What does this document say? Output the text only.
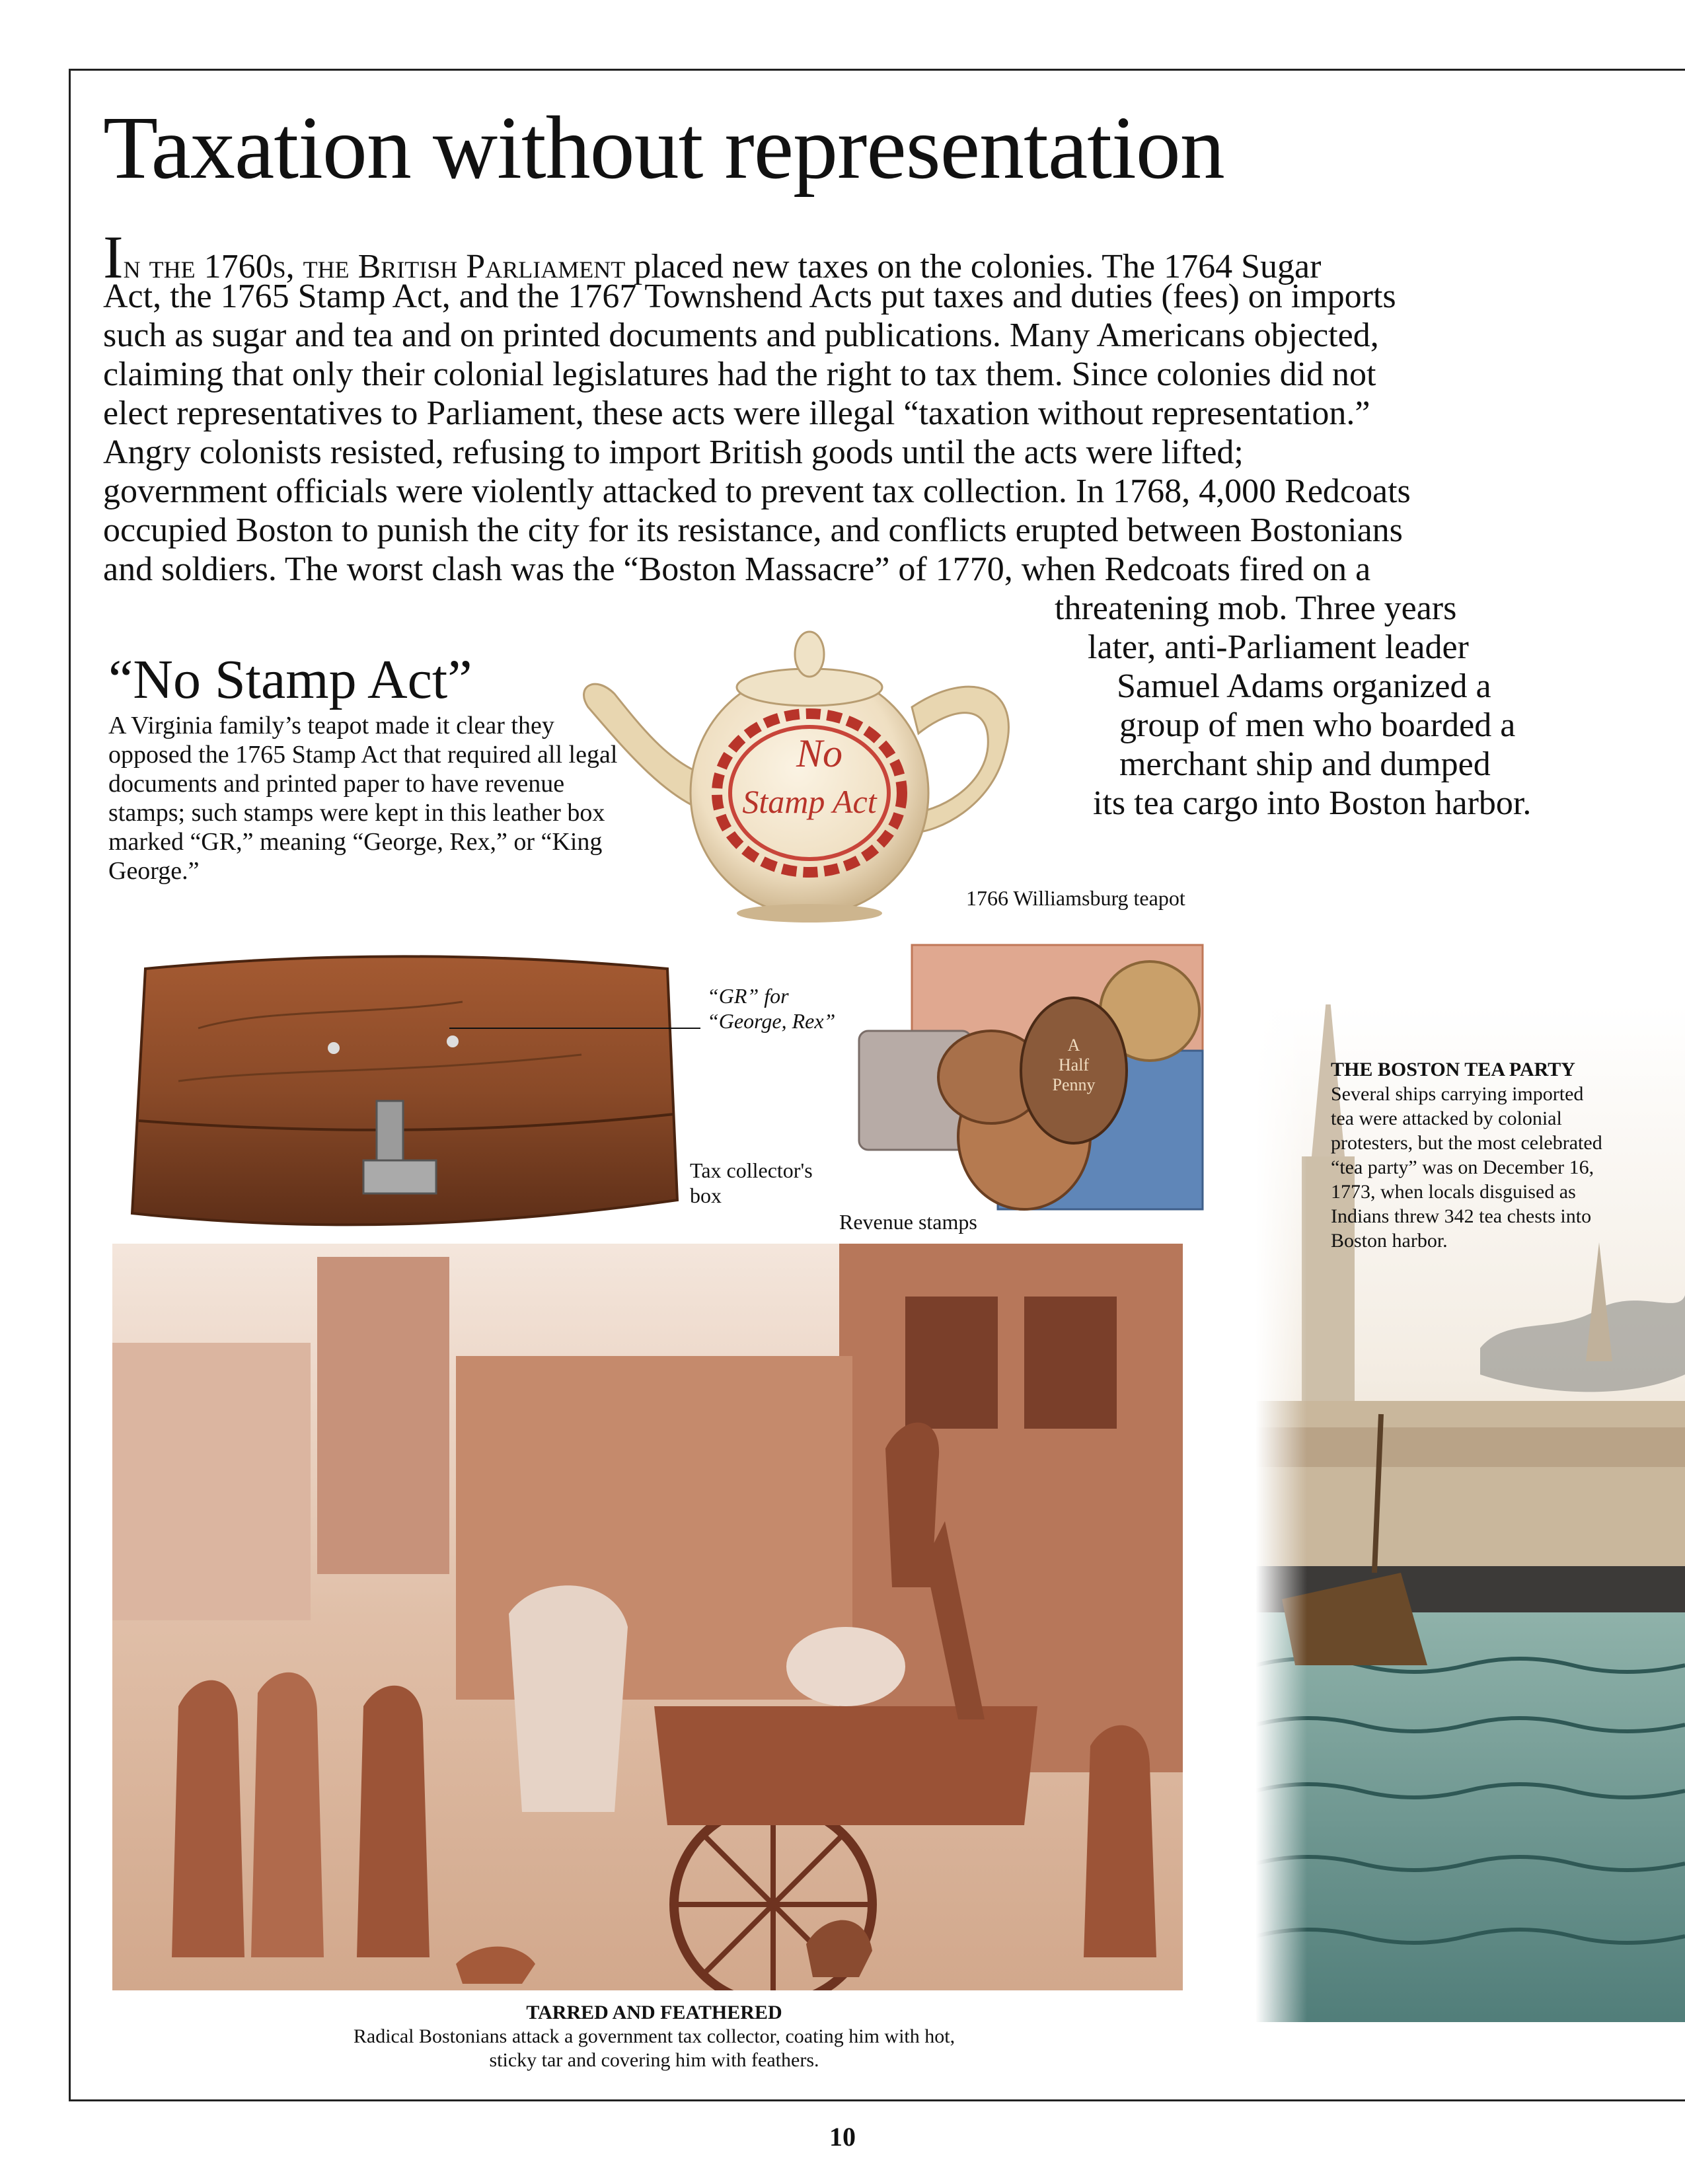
Taxation without representation
In the 1760s, the British Parliament placed new taxes on the colonies. The 1764 Sugar
Act, the 1765 Stamp Act, and the 1767 Townshend Acts put taxes and duties (fees) on imports
such as sugar and tea and on printed documents and publications. Many Americans objected,
claiming that only their colonial legislatures had the right to tax them. Since colonies did not
elect representatives to Parliament, these acts were illegal “taxation without representation.”
Angry colonists resisted, refusing to import British goods until the acts were lifted;
government officials were violently attacked to prevent tax collection. In 1768, 4,000 Redcoats
occupied Boston to punish the city for its resistance, and conflicts erupted between Bostonians
and soldiers. The worst clash was the “Boston Massacre” of 1770, when Redcoats fired on a
threatening mob. Three years
later, anti-Parliament leader
Samuel Adams organized a
group of men who boarded a
merchant ship and dumped
its tea cargo into Boston harbor.
“No Stamp Act”
A Virginia family’s teapot made it clear they opposed the 1765 Stamp Act that required all legal documents and printed paper to have revenue stamps; such stamps were kept in this leather box marked “GR,” meaning “George, Rex,” or “King George.”
No
Stamp Act
1766 Williamsburg teapot
“GR” for
“George, Rex”
Tax collector's
box
A
Half
Penny
Revenue stamps
THE BOSTON TEA PARTY
Several ships carrying imported tea were attacked by colonial protesters, but the most celebrated “tea party” was on December 16, 1773, when locals disguised as Indians threw 342 tea chests into Boston harbor.
TARRED AND FEATHERED
Radical Bostonians attack a government tax collector, coating him with hot,
sticky tar and covering him with feathers.
10
